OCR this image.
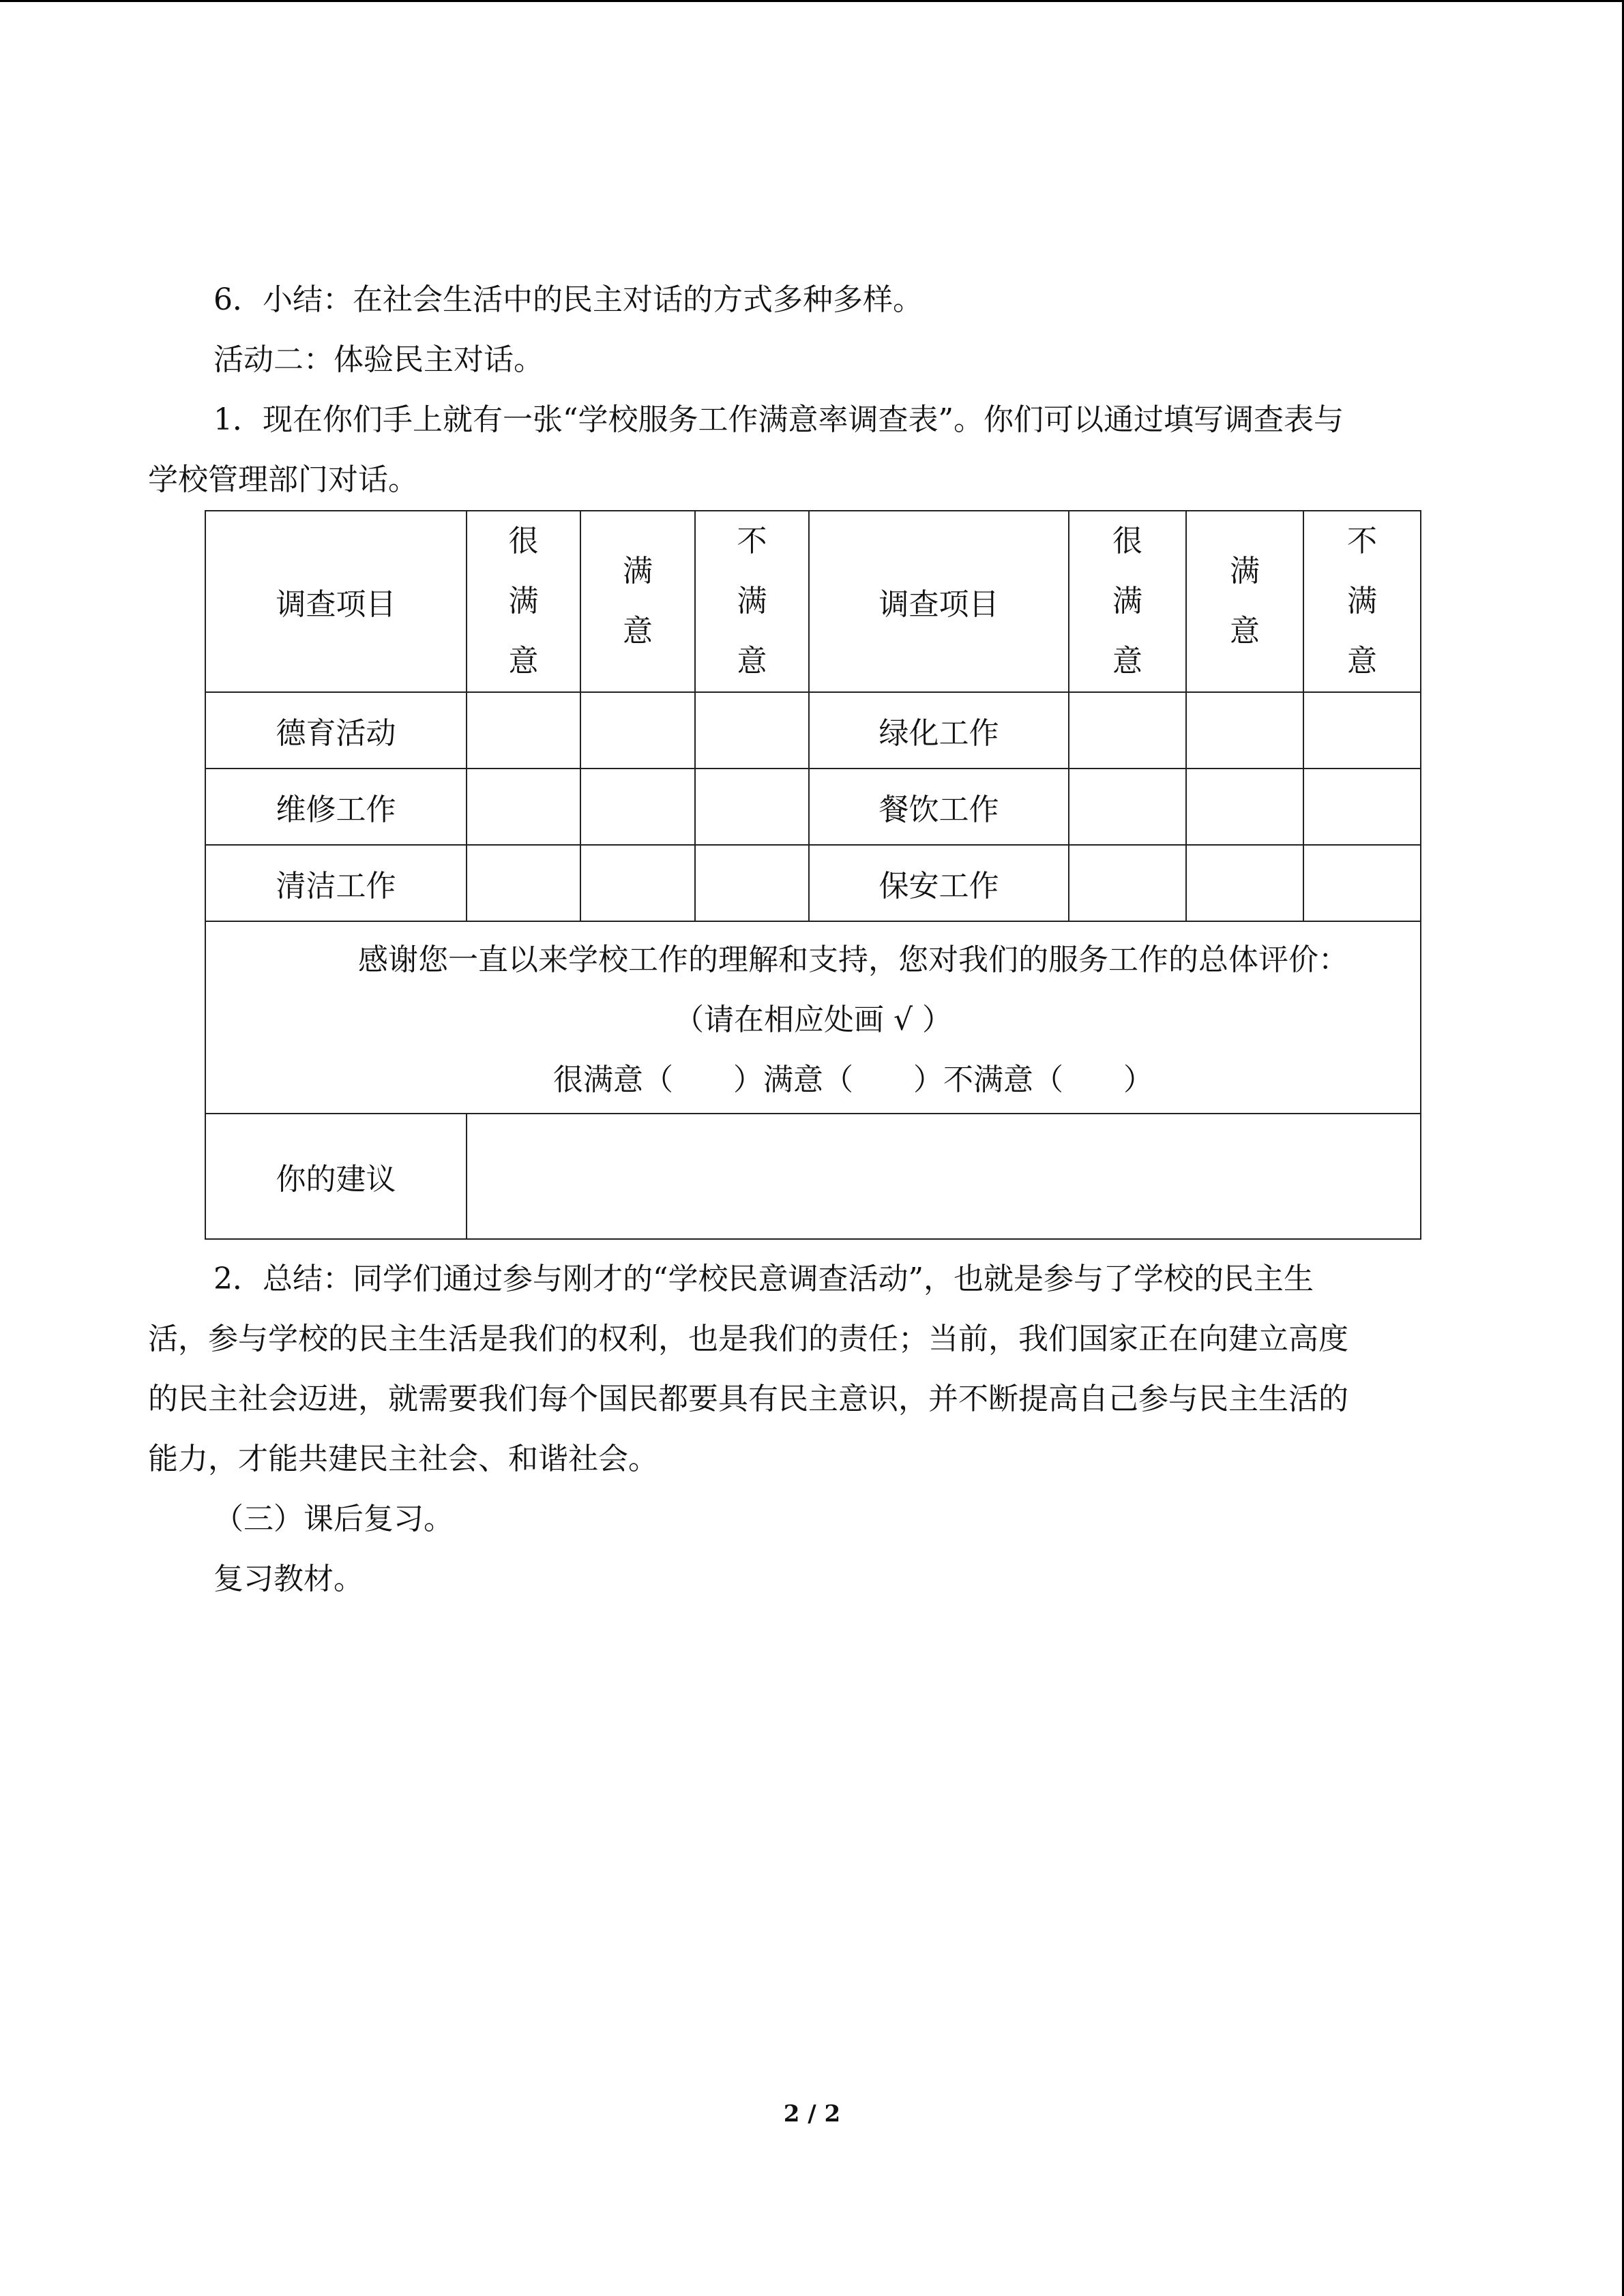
6．小结：在社会生活中的民主对话的方式多种多样。

活动二：体验民主对话。

1．现在你们手上就有一张“学校服务工作满意率调查表”。你们可以通过填写调查表与

学校管理部门对话。

调查项目	很满意	满意	不满意	调查项目	很满意	满意	不满意
德育活动				绿化工作			
维修工作				餐饮工作			
清洁工作				保安工作			

感谢您一直以来学校工作的理解和支持，您对我们的服务工作的总体评价：
（请在相应处画 √ ）
很满意（　　）满意（　　）不满意（　　）							

你的建议							

2．总结：同学们通过参与刚才的“学校民意调查活动”，也就是参与了学校的民主生

活，参与学校的民主生活是我们的权利，也是我们的责任；当前，我们国家正在向建立高度

的民主社会迈进，就需要我们每个国民都要具有民主意识，并不断提高自己参与民主生活的

能力，才能共建民主社会、和谐社会。

（三）课后复习。

复习教材。

2 / 2
